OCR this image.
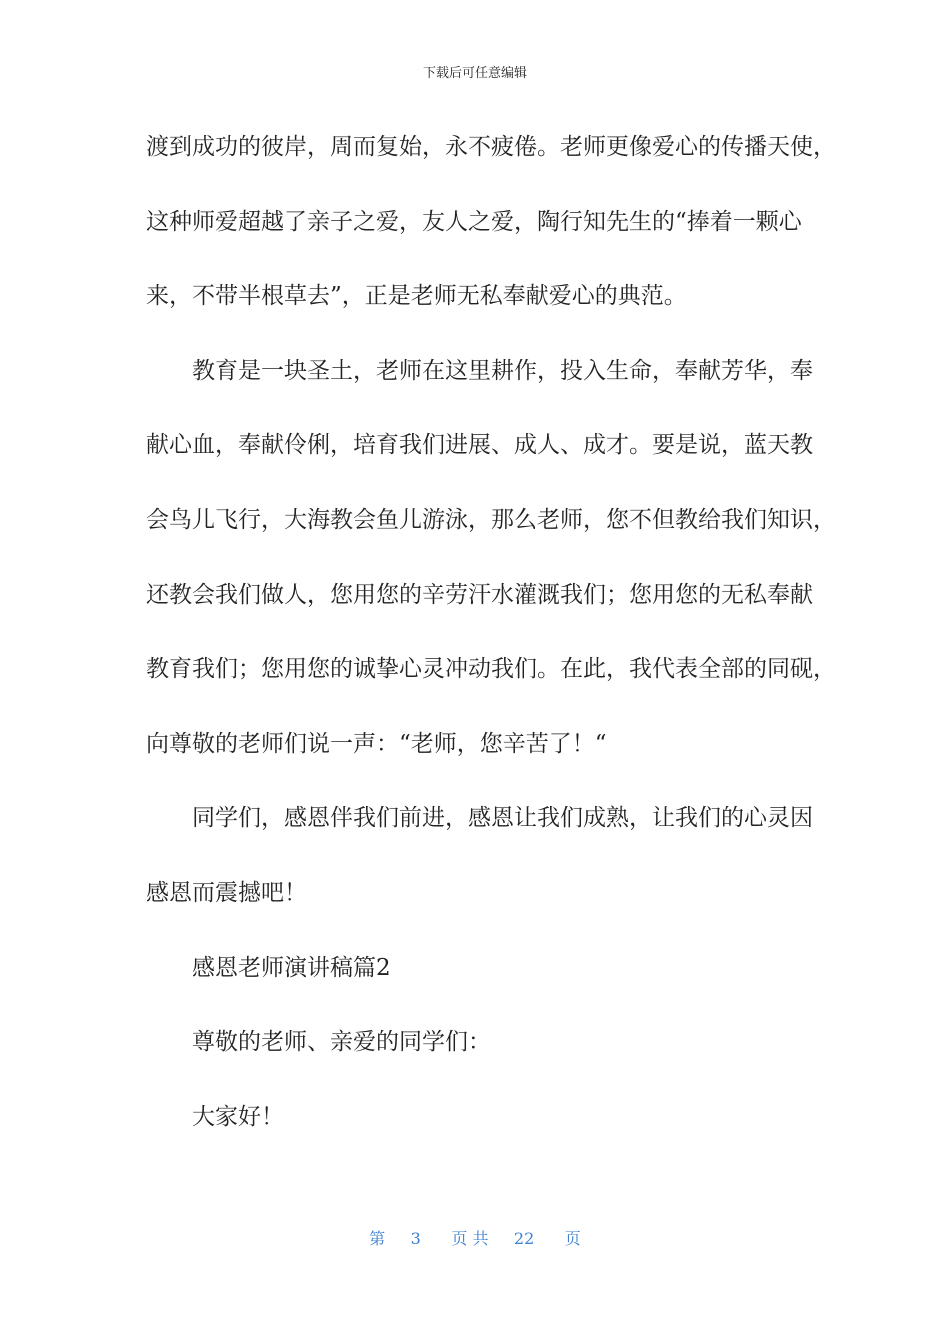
下载后可任意编辑
渡到成功的彼岸，周而复始，永不疲倦。老师更像爱心的传播天使，
这种师爱超越了亲子之爱，友人之爱，陶行知先生的“捧着一颗心
来，不带半根草去”，正是老师无私奉献爱心的典范。
教育是一块圣土，老师在这里耕作，投入生命，奉献芳华，奉
献心血，奉献伶俐，培育我们进展、成人、成才。要是说，蓝天教
会鸟儿飞行，大海教会鱼儿游泳，那么老师，您不但教给我们知识，
还教会我们做人，您用您的辛劳汗水灌溉我们；您用您的无私奉献
教育我们；您用您的诚挚心灵冲动我们。在此，我代表全部的同砚，
向尊敬的老师们说一声：“老师，您辛苦了！“
同学们，感恩伴我们前进，感恩让我们成熟，让我们的心灵因
感恩而震撼吧！
感恩老师演讲稿篇2
尊敬的老师、亲爱的同学们：
大家好！
第 3 页 共 22 页
